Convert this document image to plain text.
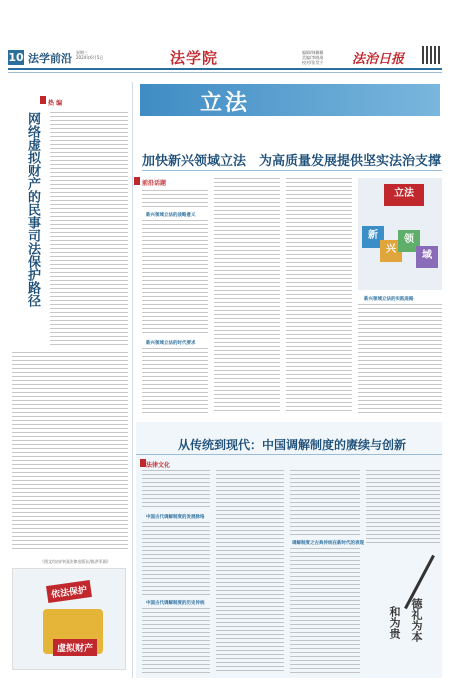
10 法学前沿 星期三
2024年6月5日	法学院	编辑/韩璐璐
美编/李晓琦
校对/张昊宁 法治日报
热 编
网络虚拟财产的民事司法保护路径
（图文均由/中国法律出版社/陈洪军画）
依法保护
虚拟财产
立法
加快新兴领域立法　为高质量发展提供坚实法治支撑
前沿话题
新兴领域立法的战略意义
新兴领域立法的时代要求
新兴领域立法的实践进路
立法
新
兴
领
域
从传统到现代：中国调解制度的赓续与创新
法律文化
中国古代调解制度的发展脉络
中国古代调解制度的历史传统
调解制度之古典传统在新时代的表现
和为贵 德礼为本
